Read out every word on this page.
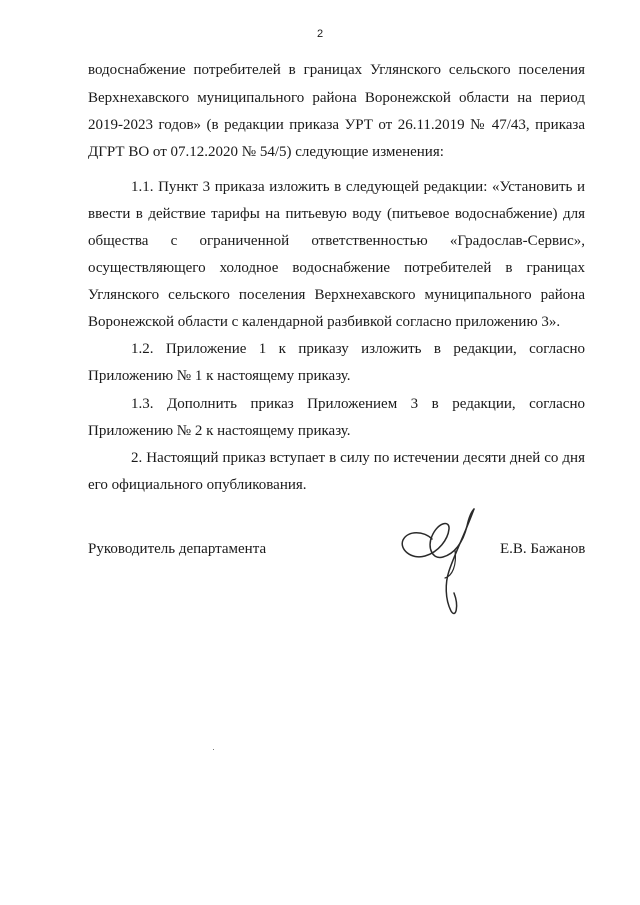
2
водоснабжение потребителей в границах Углянского сельского поселения
Верхнехавского муниципального района Воронежской области на период
2019-2023 годов» (в редакции приказа УРТ от 26.11.2019 № 47/43, приказа
ДГРТ ВО от 07.12.2020 № 54/5) следующие изменения:
1.1. Пункт 3 приказа изложить в следующей редакции: «Установить и
ввести в действие тарифы на питьевую воду (питьевое водоснабжение) для
общества с ограниченной ответственностью «Градослав-Сервис»,
осуществляющего холодное водоснабжение потребителей в границах
Углянского сельского поселения Верхнехавского муниципального района
Воронежской области с календарной разбивкой согласно приложению 3».
1.2. Приложение 1 к приказу изложить в редакции, согласно
Приложению № 1 к настоящему приказу.
1.3. Дополнить приказ Приложением 3 в редакции, согласно
Приложению № 2 к настоящему приказу.
2. Настоящий приказ вступает в силу по истечении десяти дней со дня
его официального опубликования.
Руководитель департамента	Е.В. Бажанов
